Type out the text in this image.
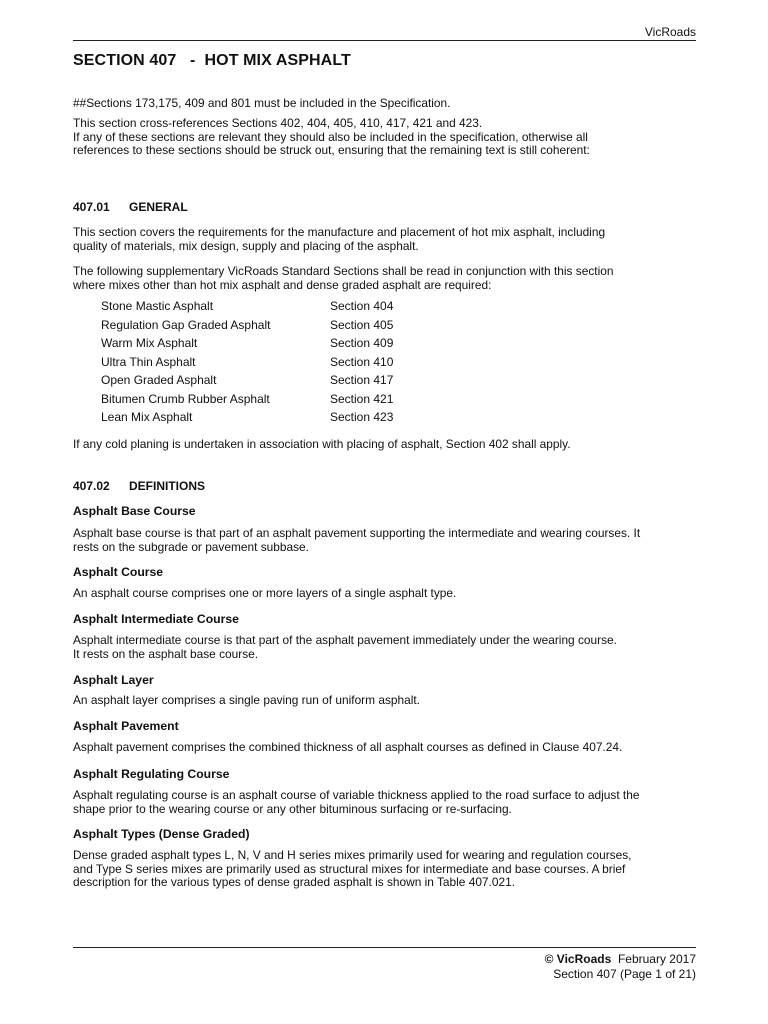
VicRoads
SECTION 407   -  HOT MIX ASPHALT

##Sections 173,175, 409 and 801 must be included in the Specification.

This section cross-references Sections 402, 404, 405, 410, 417, 421 and 423.

If any of these sections are relevant they should also be included in the specification, otherwise all

references to these sections should be struck out, ensuring that the remaining text is still coherent:

407.01 GENERAL

This section covers the requirements for the manufacture and placement of hot mix asphalt, including

quality of materials, mix design, supply and placing of the asphalt.

The following supplementary VicRoads Standard Sections shall be read in conjunction with this section

where mixes other than hot mix asphalt and dense graded asphalt are required:

Stone Mastic Asphalt	Section 404
Regulation Gap Graded Asphalt	Section 405
Warm Mix Asphalt	Section 409
Ultra Thin Asphalt	Section 410
Open Graded Asphalt	Section 417
Bitumen Crumb Rubber Asphalt	Section 421
Lean Mix Asphalt	Section 423

If any cold planing is undertaken in association with placing of asphalt, Section 402 shall apply.

407.02 DEFINITIONS
Asphalt Base Course

Asphalt base course is that part of an asphalt pavement supporting the intermediate and wearing courses. It

rests on the subgrade or pavement subbase.

Asphalt Course

An asphalt course comprises one or more layers of a single asphalt type.

Asphalt Intermediate Course

Asphalt intermediate course is that part of the asphalt pavement immediately under the wearing course.

It rests on the asphalt base course.

Asphalt Layer

An asphalt layer comprises a single paving run of uniform asphalt.

Asphalt Pavement

Asphalt pavement comprises the combined thickness of all asphalt courses as defined in Clause 407.24.

Asphalt Regulating Course

Asphalt regulating course is an asphalt course of variable thickness applied to the road surface to adjust the

shape prior to the wearing course or any other bituminous surfacing or re-surfacing.

Asphalt Types (Dense Graded)

Dense graded asphalt types L, N, V and H series mixes primarily used for wearing and regulation courses,

and Type S series mixes are primarily used as structural mixes for intermediate and base courses. A brief

description for the various types of dense graded asphalt is shown in Table 407.021.

© VicRoads February 2017
Section 407 (Page 1 of 21)
